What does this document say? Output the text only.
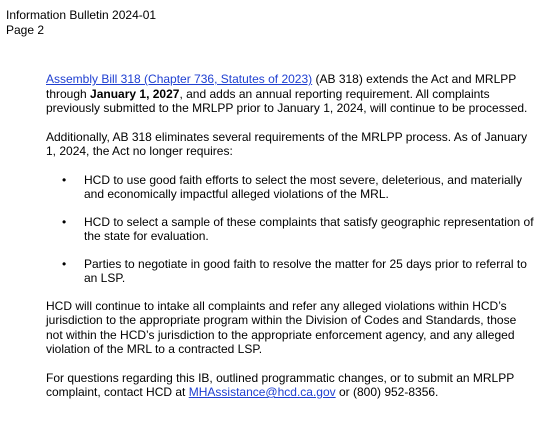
Information Bulletin 2024-01
Page 2

Assembly Bill 318 (Chapter 736, Statutes of 2023) (AB 318) extends the Act and MRLPP through January 1, 2027, and adds an annual reporting requirement. All complaints previously submitted to the MRLPP prior to January 1, 2024, will continue to be processed.

Additionally, AB 318 eliminates several requirements of the MRLPP process. As of January 1, 2024, the Act no longer requires:

• HCD to use good faith efforts to select the most severe, deleterious, and materially and economically impactful alleged violations of the MRL.
• HCD to select a sample of these complaints that satisfy geographic representation of the state for evaluation.
• Parties to negotiate in good faith to resolve the matter for 25 days prior to referral to an LSP.

HCD will continue to intake all complaints and refer any alleged violations within HCD’s jurisdiction to the appropriate program within the Division of Codes and Standards, those not within the HCD’s jurisdiction to the appropriate enforcement agency, and any alleged violation of the MRL to a contracted LSP.

For questions regarding this IB, outlined programmatic changes, or to submit an MRLPP complaint, contact HCD at MHAssistance@hcd.ca.gov or (800) 952-8356.
